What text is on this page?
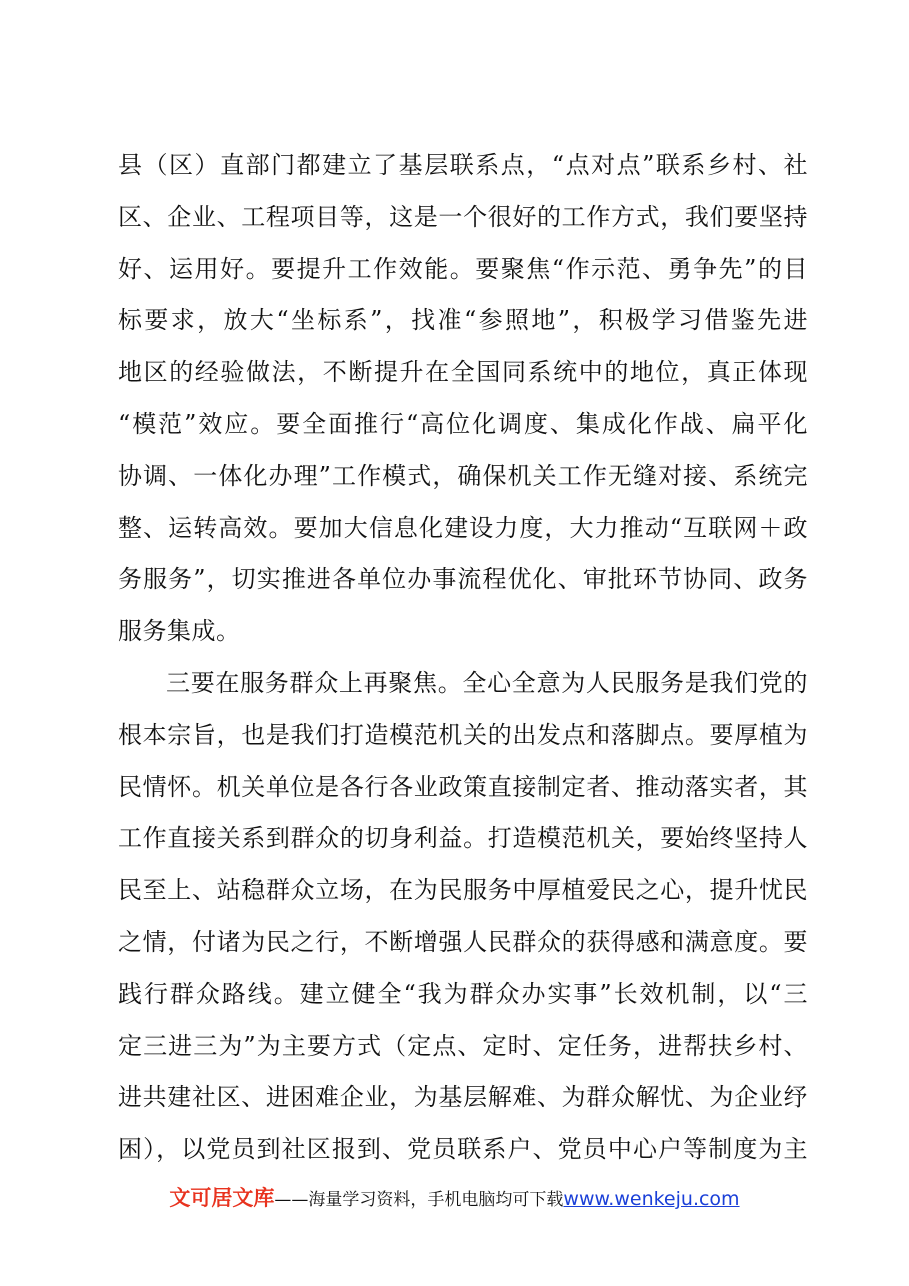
县（区）直部门都建立了基层联系点，“点对点”联系乡村、社
区、企业、工程项目等，这是一个很好的工作方式，我们要坚持
好、运用好。要提升工作效能。要聚焦“作示范、勇争先”的目
标要求，放大“坐标系”，找准“参照地”，积极学习借鉴先进
地区的经验做法，不断提升在全国同系统中的地位，真正体现
“模范”效应。要全面推行“高位化调度、集成化作战、扁平化
协调、一体化办理”工作模式，确保机关工作无缝对接、系统完
整、运转高效。要加大信息化建设力度，大力推动“互联网＋政
务服务”，切实推进各单位办事流程优化、审批环节协同、政务
服务集成。
三要在服务群众上再聚焦。全心全意为人民服务是我们党的
根本宗旨，也是我们打造模范机关的出发点和落脚点。要厚植为
民情怀。机关单位是各行各业政策直接制定者、推动落实者，其
工作直接关系到群众的切身利益。打造模范机关，要始终坚持人
民至上、站稳群众立场，在为民服务中厚植爱民之心，提升忧民
之情，付诸为民之行，不断增强人民群众的获得感和满意度。要
践行群众路线。建立健全“我为群众办实事”长效机制，以“三
定三进三为”为主要方式（定点、定时、定任务，进帮扶乡村、
进共建社区、进困难企业，为基层解难、为群众解忧、为企业纾
困），以党员到社区报到、党员联系户、党员中心户等制度为主
文可居文库——海量学习资料，手机电脑均可下载www.wenkeju.com
